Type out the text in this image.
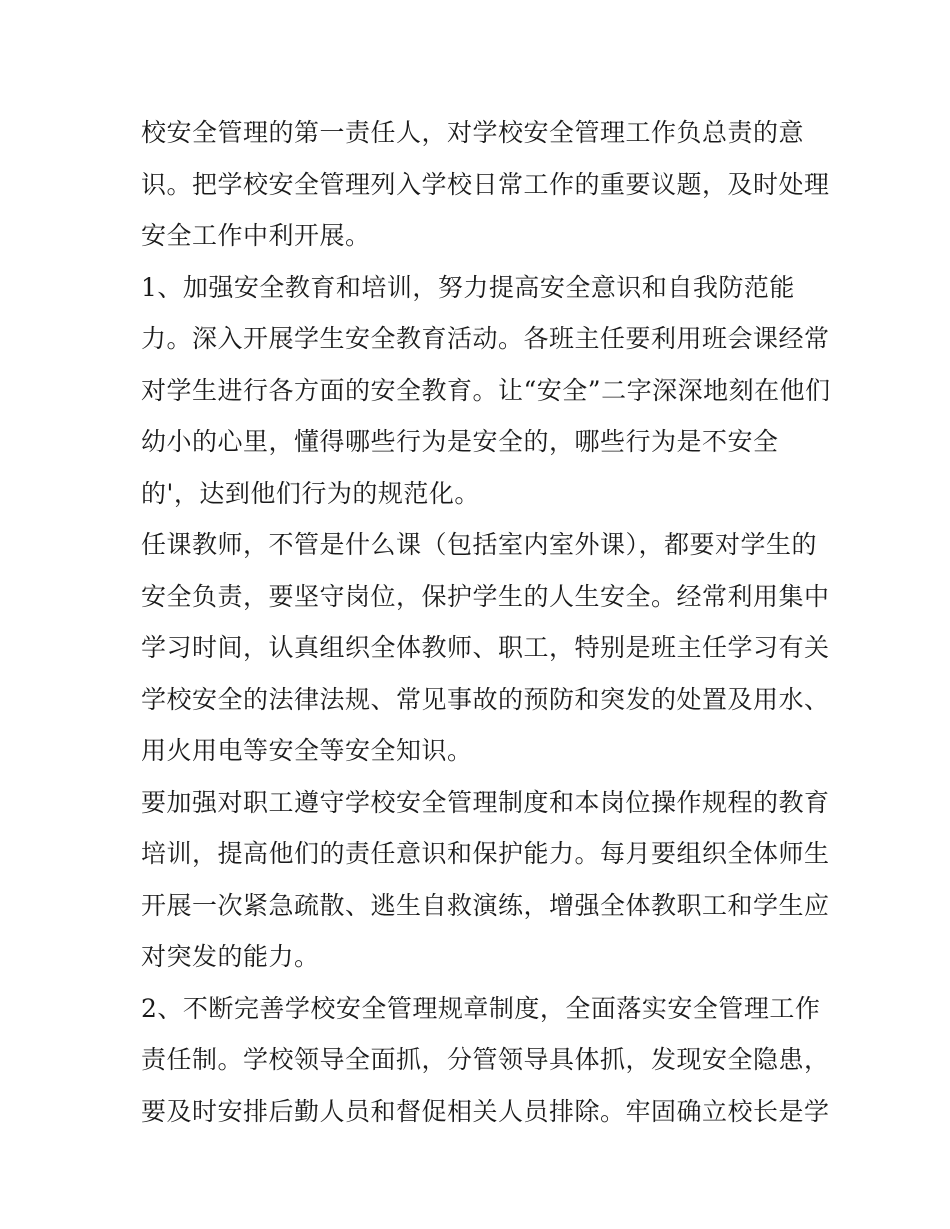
校安全管理的第一责任人，对学校安全管理工作负总责的意
识。把学校安全管理列入学校日常工作的重要议题，及时处理
安全工作中利开展。
1、加强安全教育和培训，努力提高安全意识和自我防范能
力。深入开展学生安全教育活动。各班主任要利用班会课经常
对学生进行各方面的安全教育。让“安全”二字深深地刻在他们
幼小的心里，懂得哪些行为是安全的，哪些行为是不安全
的'，达到他们行为的规范化。
任课教师，不管是什么课（包括室内室外课），都要对学生的
安全负责，要坚守岗位，保护学生的人生安全。经常利用集中
学习时间，认真组织全体教师、职工，特别是班主任学习有关
学校安全的法律法规、常见事故的预防和突发的处置及用水、
用火用电等安全等安全知识。
要加强对职工遵守学校安全管理制度和本岗位操作规程的教育
培训，提高他们的责任意识和保护能力。每月要组织全体师生
开展一次紧急疏散、逃生自救演练，增强全体教职工和学生应
对突发的能力。
2、不断完善学校安全管理规章制度，全面落实安全管理工作
责任制。学校领导全面抓，分管领导具体抓，发现安全隐患，
要及时安排后勤人员和督促相关人员排除。牢固确立校长是学
